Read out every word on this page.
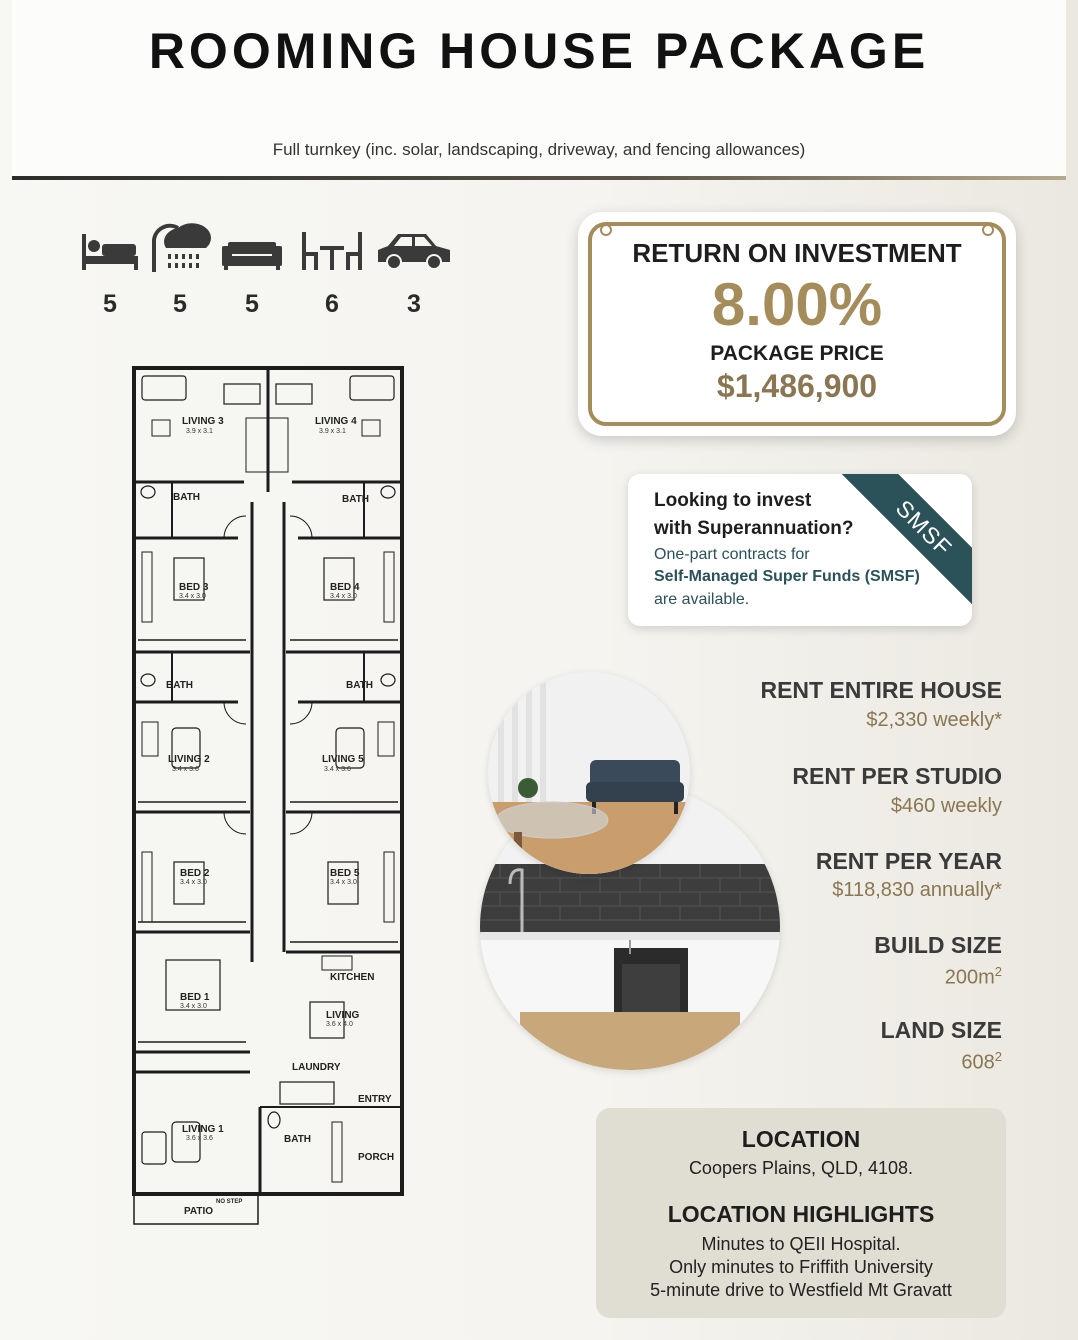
ROOMING HOUSE PACKAGE
Full turnkey (inc. solar, landscaping, driveway, and fencing allowances)
5	5	5	6	3
LIVING 3	LIVING 4
BATH	BATH
BED 3	BED 4
BATH	BATH
LIVING 2	LIVING 5
BED 2	BED 5
KITCHEN
BED 1
LIVING
LAUNDRY
ENTRY
LIVING 1
BATH
PORCH
PATIO
NO STEP
3.9 x 3.1	3.9 x 3.1
3.4 x 3.0	3.4 x 3.0
3.4 x 3.6	3.4 x 3.6
3.4 x 3.0	3.4 x 3.0
3.4 x 3.0
3.6 x 4.0
3.6 x 3.6
RETURN ON INVESTMENT
8.00%
PACKAGE PRICE
$1,486,900
SMSF
Looking to invest
with Superannuation?
One-part contracts for
Self-Managed Super Funds (SMSF)
are available.
RENT ENTIRE HOUSE
$2,330 weekly*
RENT PER STUDIO
$460 weekly
RENT PER YEAR
$118,830 annually*
BUILD SIZE
$200m^2$
LAND SIZE
$608^2$
LOCATION
Coopers Plains, QLD, 4108.
LOCATION HIGHLIGHTS
Minutes to QEII Hospital.
Only minutes to Friffith University
5-minute drive to Westfield Mt Gravatt
